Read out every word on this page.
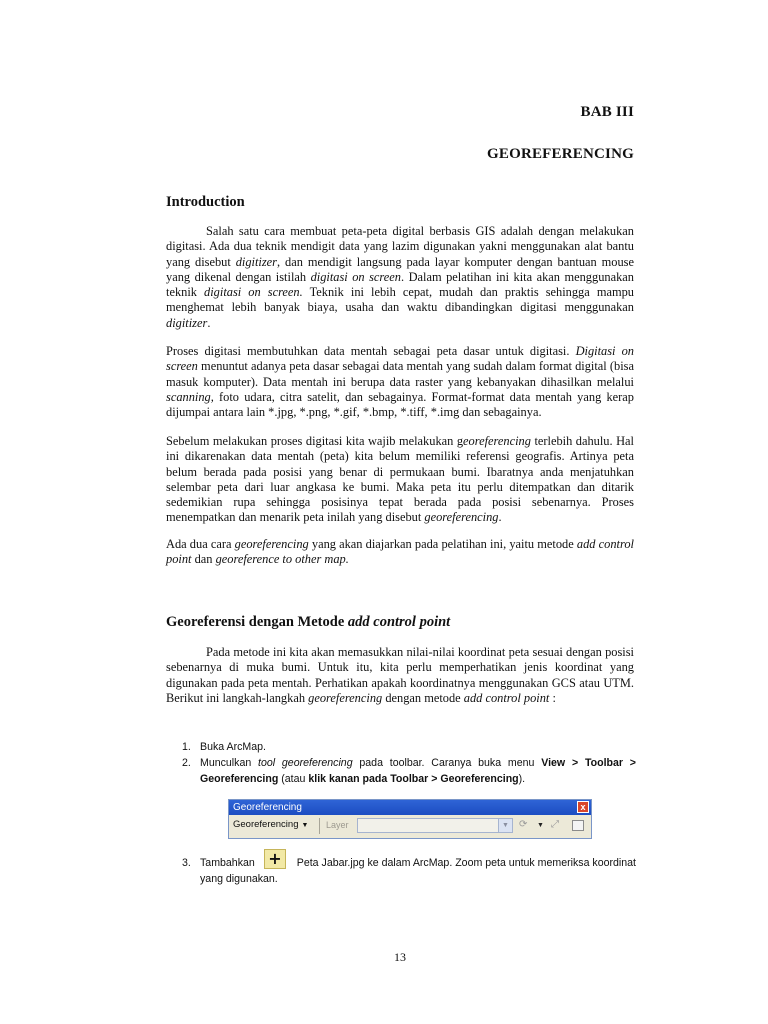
BAB III
GEOREFERENCING
Introduction

Salah satu cara membuat peta-peta digital berbasis GIS adalah dengan melakukan digitasi. Ada dua teknik mendigit data yang lazim digunakan yakni menggunakan alat bantu yang disebut digitizer, dan mendigit langsung pada layar komputer dengan bantuan mouse yang dikenal dengan istilah digitasi on screen. Dalam pelatihan ini kita akan menggunakan teknik digitasi on screen. Teknik ini lebih cepat, mudah dan praktis sehingga mampu menghemat lebih banyak biaya, usaha dan waktu dibandingkan digitasi menggunakan digitizer.

Proses digitasi membutuhkan data mentah sebagai peta dasar untuk digitasi. Digitasi on screen menuntut adanya peta dasar sebagai data mentah yang sudah dalam format digital (bisa masuk komputer). Data mentah ini berupa data raster yang kebanyakan dihasilkan melalui scanning, foto udara, citra satelit, dan sebagainya. Format-format data mentah yang kerap dijumpai antara lain *.jpg, *.png, *.gif, *.bmp, *.tiff, *.img dan sebagainya.

Sebelum melakukan proses digitasi kita wajib melakukan georeferencing terlebih dahulu. Hal ini dikarenakan data mentah (peta) kita belum memiliki referensi geografis. Artinya peta belum berada pada posisi yang benar di permukaan bumi. Ibaratnya anda menjatuhkan selembar peta dari luar angkasa ke bumi. Maka peta itu perlu ditempatkan dan ditarik sedemikian rupa sehingga posisinya tepat berada pada posisi sebenarnya. Proses menempatkan dan menarik peta inilah yang disebut georeferencing.

Ada dua cara georeferencing yang akan diajarkan pada pelatihan ini, yaitu metode add control point dan georeference to other map.

Georeferensi dengan Metode add control point

Pada metode ini kita akan memasukkan nilai-nilai koordinat peta sesuai dengan posisi sebenarnya di muka bumi. Untuk itu, kita perlu memperhatikan jenis koordinat yang digunakan pada peta mentah. Perhatikan apakah koordinatnya menggunakan GCS atau UTM. Berikut ini langkah-langkah georeferencing dengan metode add control point :

1. Buka ArcMap.
2. Munculkan tool georeferencing pada toolbar. Caranya buka menu View > Toolbar > Georeferencing (atau klik kanan pada Toolbar > Georeferencing).
Georeferencing	x
Georeferencing ▼ Layer	▼	⟳ ▼ ⤢
3. Tambahkan	Peta Jabar.jpg ke dalam ArcMap. Zoom peta untuk memeriksa koordinat yang digunakan.
+
13
